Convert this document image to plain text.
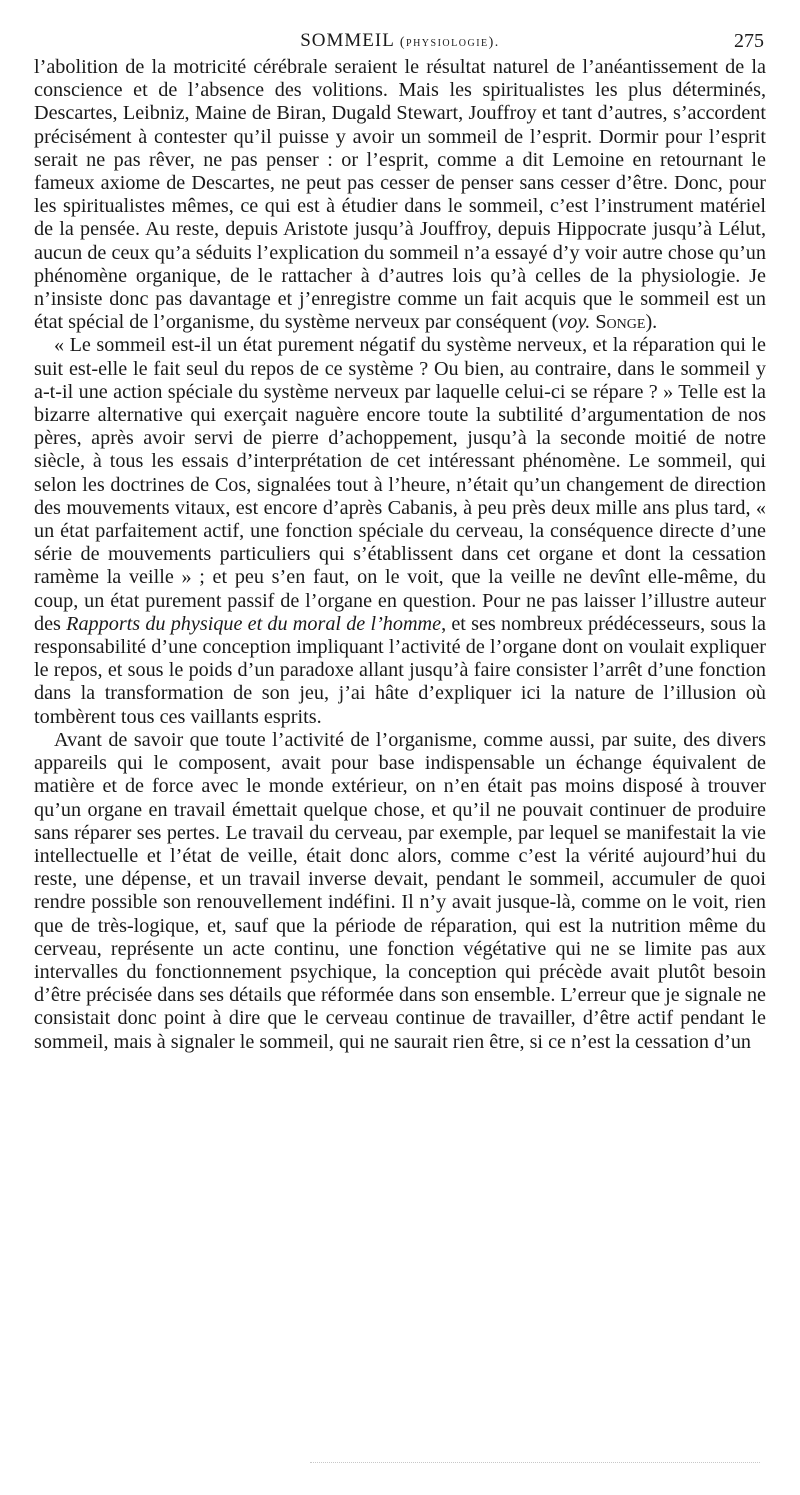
SOMMEIL (physiologie).	275

l’abolition de la motricité cérébrale seraient le résultat naturel de l’anéantissement de la conscience et de l’absence des volitions. Mais les spiritualistes les plus déterminés, Descartes, Leibniz, Maine de Biran, Dugald Stewart, Jouffroy et tant d’autres, s’accordent précisément à contester qu’il puisse y avoir un sommeil de l’esprit. Dormir pour l’esprit serait ne pas rêver, ne pas penser : or l’esprit, comme a dit Lemoine en retournant le fameux axiome de Descartes, ne peut pas cesser de penser sans cesser d’être. Donc, pour les spiritualistes mêmes, ce qui est à étudier dans le sommeil, c’est l’instrument matériel de la pensée. Au reste, depuis Aristote jusqu’à Jouffroy, depuis Hippocrate jusqu’à Lélut, aucun de ceux qu’a séduits l’explication du sommeil n’a essayé d’y voir autre chose qu’un phénomène organique, de le rattacher à d’autres lois qu’à celles de la physiologie. Je n’insiste donc pas davantage et j’enregistre comme un fait acquis que le sommeil est un état spécial de l’organisme, du système nerveux par conséquent (voy. Songe).

« Le sommeil est-il un état purement négatif du système nerveux, et la réparation qui le suit est-elle le fait seul du repos de ce système ? Ou bien, au contraire, dans le sommeil y a-t-il une action spéciale du système nerveux par laquelle celui-ci se répare ? » Telle est la bizarre alternative qui exerçait naguère encore toute la subtilité d’argumentation de nos pères, après avoir servi de pierre d’achoppement, jusqu’à la seconde moitié de notre siècle, à tous les essais d’interprétation de cet intéressant phénomène. Le sommeil, qui selon les doctrines de Cos, signalées tout à l’heure, n’était qu’un changement de direction des mouvements vitaux, est encore d’après Cabanis, à peu près deux mille ans plus tard, « un état parfaitement actif, une fonction spéciale du cerveau, la conséquence directe d’une série de mouvements particuliers qui s’établissent dans cet organe et dont la cessation ramème la veille » ; et peu s’en faut, on le voit, que la veille ne devînt elle-même, du coup, un état purement passif de l’organe en question. Pour ne pas laisser l’illustre auteur des Rapports du physique et du moral de l’homme, et ses nombreux prédécesseurs, sous la responsabilité d’une conception impliquant l’activité de l’organe dont on voulait expliquer le repos, et sous le poids d’un paradoxe allant jusqu’à faire consister l’arrêt d’une fonction dans la transformation de son jeu, j’ai hâte d’expliquer ici la nature de l’illusion où tombèrent tous ces vaillants esprits.

Avant de savoir que toute l’activité de l’organisme, comme aussi, par suite, des divers appareils qui le composent, avait pour base indispensable un échange équivalent de matière et de force avec le monde extérieur, on n’en était pas moins disposé à trouver qu’un organe en travail émettait quelque chose, et qu’il ne pouvait continuer de produire sans réparer ses pertes. Le travail du cerveau, par exemple, par lequel se manifestait la vie intellectuelle et l’état de veille, était donc alors, comme c’est la vérité aujourd’hui du reste, une dépense, et un travail inverse devait, pendant le sommeil, accumuler de quoi rendre possible son renouvellement indéfini. Il n’y avait jusque-là, comme on le voit, rien que de très-logique, et, sauf que la période de réparation, qui est la nutrition même du cerveau, représente un acte continu, une fonction végétative qui ne se limite pas aux intervalles du fonctionnement psychique, la conception qui précède avait plutôt besoin d’être précisée dans ses détails que réformée dans son ensemble. L’erreur que je signale ne consistait donc point à dire que le cerveau continue de travailler, d’être actif pendant le sommeil, mais à signaler le sommeil, qui ne saurait rien être, si ce n’est la cessation d’un
